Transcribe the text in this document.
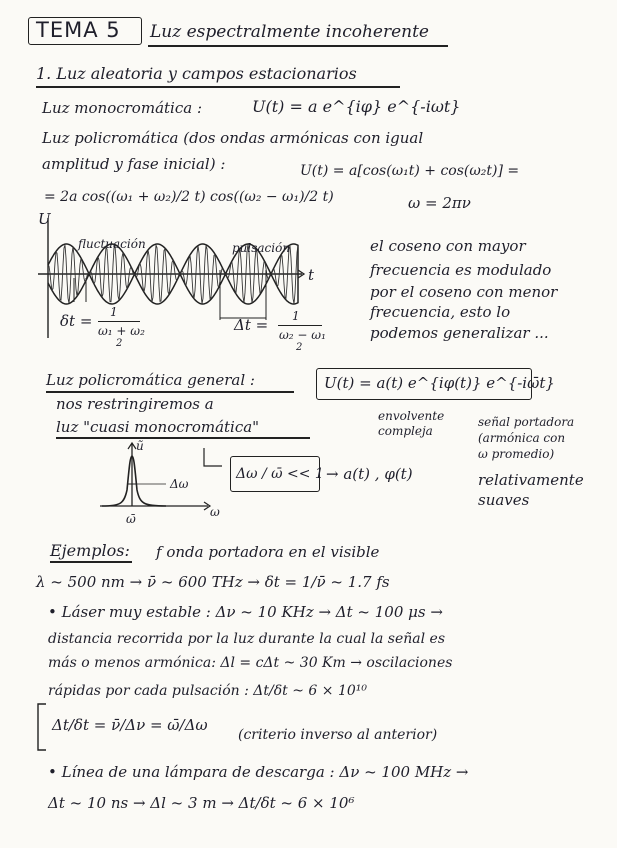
TEMA 5 Luz espectralmente incoherente
1. Luz aleatoria y campos estacionarios
Luz monocromática :	U(t) = a e^{iφ} e^{-iωt}
Luz policromática (dos ondas armónicas con igual
amplitud y fase inicial) :	U(t) = a[cos(ω₁t) + cos(ω₂t)] =
= 2a cos((ω₁ + ω₂)/2 t) cos((ω₂ − ω₁)/2 t)	ω = 2πν
U
t
fluctuación	pulsación
δt = 1
ω₁ + ω₂
2
Δt = 1
ω₂ − ω₁
2
el coseno con mayor
frecuencia es modulado
por el coseno con menor
frecuencia, esto lo
podemos generalizar ...
Luz policromática general :	U(t) = a(t) e^{iφ(t)} e^{-iω̄t}
envolvente
compleja
señal portadora
(armónica con
ω promedio)
nos restringiremos a
luz "cuasi monocromática"
ũ
Δω
ω̄	ω
Δω / ω̄ << 1 → a(t) , φ(t)	relativamente
suaves
Ejemplos: f onda portadora en el visible
λ ~ 500 nm → ν̄ ~ 600 THz → δt = 1/ν̄ ~ 1.7 fs
• Láser muy estable : Δν ~ 10 KHz → Δt ~ 100 μs →
distancia recorrida por la luz durante la cual la señal es
más o menos armónica: Δl = cΔt ~ 30 Km → oscilaciones
rápidas por cada pulsación : Δt/δt ~ 6 × 10¹⁰
Δt/δt = ν̄/Δν = ω̄/Δω
(criterio inverso al anterior)
• Línea de una lámpara de descarga : Δν ~ 100 MHz →
Δt ~ 10 ns → Δl ~ 3 m → Δt/δt ~ 6 × 10⁶
